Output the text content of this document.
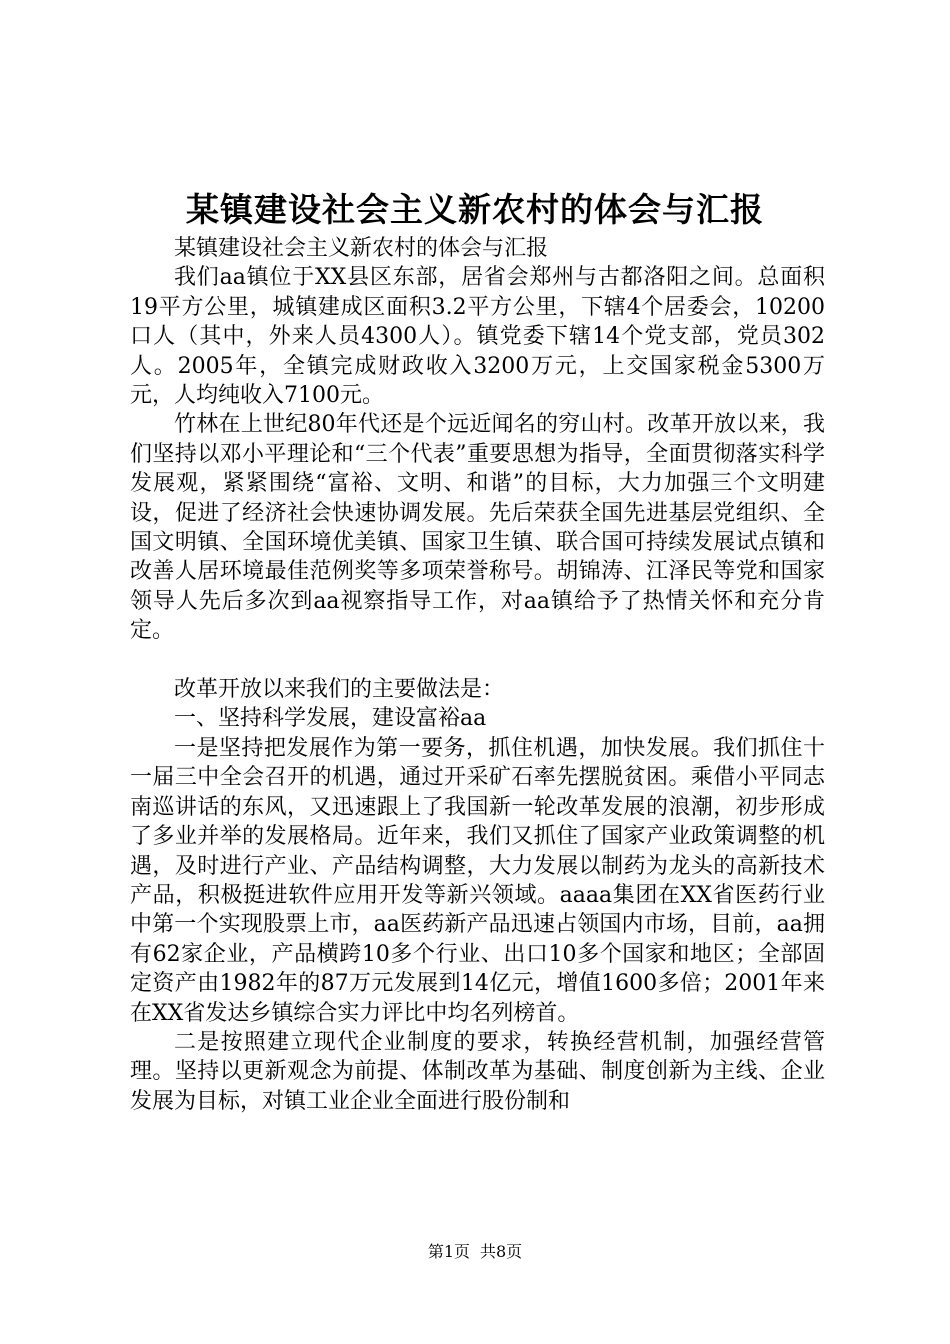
某镇建设社会主义新农村的体会与汇报

某镇建设社会主义新农村的体会与汇报

我们aa镇位于XX县区东部，居省会郑州与古都洛阳之间。总面积19平方公里，城镇建成区面积3.2平方公里，下辖4个居委会，10200口人（其中，外来人员4300人）。镇党委下辖14个党支部，党员302人。2005年，全镇完成财政收入3200万元，上交国家税金5300万元，人均纯收入7100元。

竹林在上世纪80年代还是个远近闻名的穷山村。改革开放以来，我们坚持以邓小平理论和“三个代表”重要思想为指导，全面贯彻落实科学发展观，紧紧围绕“富裕、文明、和谐”的目标，大力加强三个文明建设，促进了经济社会快速协调发展。先后荣获全国先进基层党组织、全国文明镇、全国环境优美镇、国家卫生镇、联合国可持续发展试点镇和改善人居环境最佳范例奖等多项荣誉称号。胡锦涛、江泽民等党和国家领导人先后多次到aa视察指导工作，对aa镇给予了热情关怀和充分肯定。

改革开放以来我们的主要做法是：

一、坚持科学发展，建设富裕aa

一是坚持把发展作为第一要务，抓住机遇，加快发展。我们抓住十一届三中全会召开的机遇，通过开采矿石率先摆脱贫困。乘借小平同志南巡讲话的东风，又迅速跟上了我国新一轮改革发展的浪潮，初步形成了多业并举的发展格局。近年来，我们又抓住了国家产业政策调整的机遇，及时进行产业、产品结构调整，大力发展以制药为龙头的高新技术产品，积极挺进软件应用开发等新兴领域。aaaa集团在XX省医药行业中第一个实现股票上市，aa医药新产品迅速占领国内市场，目前，aa拥有62家企业，产品横跨10多个行业、出口10多个国家和地区；全部固定资产由1982年的87万元发展到14亿元，增值1600多倍；2001年来在XX省发达乡镇综合实力评比中均名列榜首。

二是按照建立现代企业制度的要求，转换经营机制，加强经营管理。坚持以更新观念为前提、体制改革为基础、制度创新为主线、企业发展为目标，对镇工业企业全面进行股份制和

第1页 共8页
